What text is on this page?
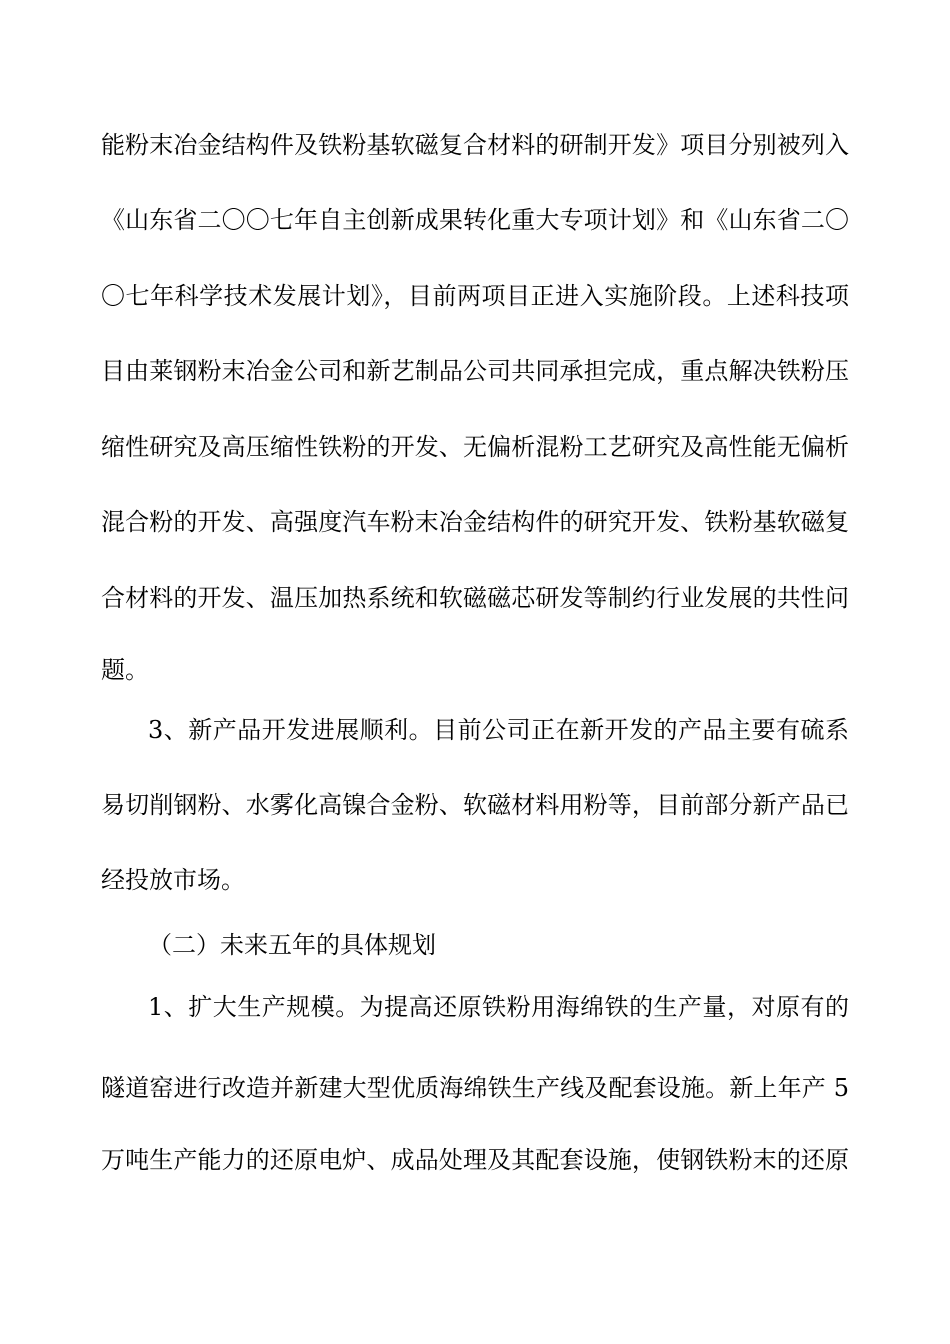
能粉末冶金结构件及铁粉基软磁复合材料的研制开发》项目分别被列入
《山东省二〇〇七年自主创新成果转化重大专项计划》和《山东省二〇
〇七年科学技术发展计划》，目前两项目正进入实施阶段。上述科技项
目由莱钢粉末冶金公司和新艺制品公司共同承担完成，重点解决铁粉压
缩性研究及高压缩性铁粉的开发、无偏析混粉工艺研究及高性能无偏析
混合粉的开发、高强度汽车粉末冶金结构件的研究开发、铁粉基软磁复
合材料的开发、温压加热系统和软磁磁芯研发等制约行业发展的共性问
题。
3、新产品开发进展顺利。目前公司正在新开发的产品主要有硫系
易切削钢粉、水雾化高镍合金粉、软磁材料用粉等，目前部分新产品已
经投放市场。
（二）未来五年的具体规划
1、扩大生产规模。为提高还原铁粉用海绵铁的生产量，对原有的
隧道窑进行改造并新建大型优质海绵铁生产线及配套设施。新上年产 5
万吨生产能力的还原电炉、成品处理及其配套设施，使钢铁粉末的还原
